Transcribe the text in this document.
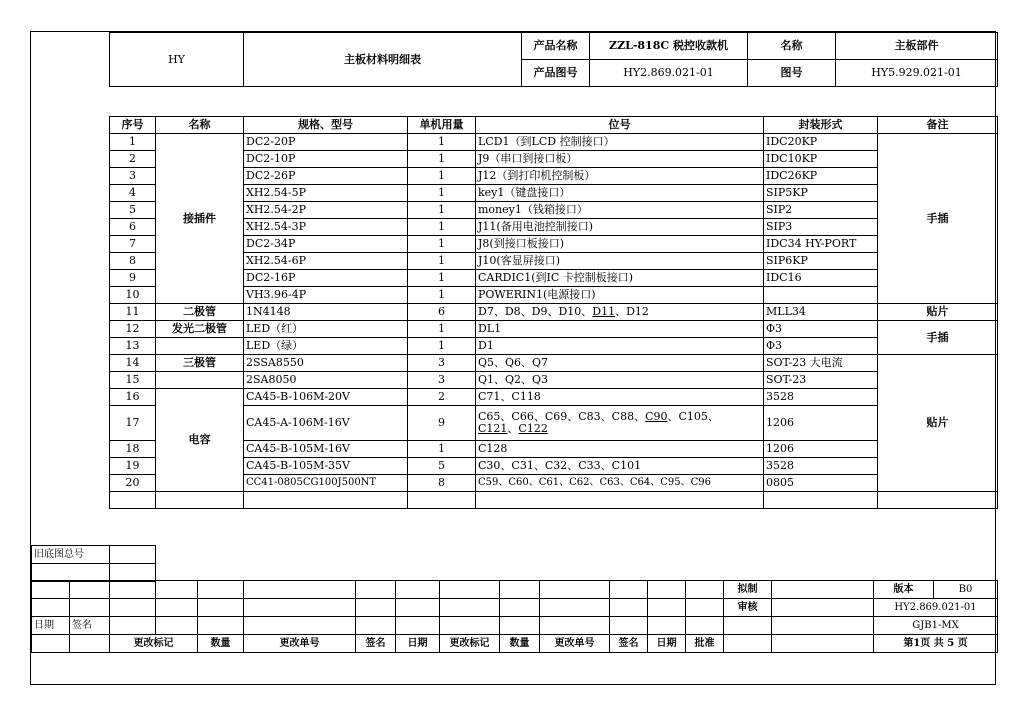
HY	主板材料明细表	产品名称	ZZL-818C 税控收款机	名称	主板部件
		产品图号	HY2.869.021-01	图号	HY5.929.021-01
序号	名称	规格、型号	单机用量	位号	封装形式	备注
1	接插件	DC2-20P	1	LCD1（到LCD 控制接口）	IDC20KP	手插
2		DC2-10P	1	J9（串口到接口板）	IDC10KP	
3		DC2-26P	1	J12（到打印机控制板）	IDC26KP	
4		XH2.54-5P	1	key1（键盘接口）	SIP5KP	
5		XH2.54-2P	1	money1（钱箱接口）	SIP2	
6		XH2.54-3P	1	J11(备用电池控制接口)	SIP3	
7		DC2-34P	1	J8(到接口板接口)	IDC34 HY-PORT	
8		XH2.54-6P	1	J10(客显屏接口)	SIP6KP	
9		DC2-16P	1	CARDIC1(到IC 卡控制板接口)	IDC16	
10		VH3.96-4P	1	POWERIN1(电源接口)		
11	二极管	1N4148	6	D7、D8、D9、D10、D11、D12	MLL34	贴片
12	发光二极管	LED（红）	1	DL1	Φ3	手插
13		LED（绿）	1	D1	Φ3	
14	三极管	2SSA8550	3	Q5、Q6、Q7	SOT-23 大电流	贴片
15		2SA8050	3	Q1、Q2、Q3	SOT-23	
16	电容	CA45-B-106M-20V	2	C71、C118	3528	
17		CA45-A-106M-16V	9	C65、C66、C69、C83、C88、C90、C105、
C121、C122	1206	
18		CA45-B-105M-16V	1	C128	1206	
19		CA45-B-105M-35V	5	C30、C31、C32、C33、C101	3528	
20		CC41-0805CG100J500NT	8	C59、C60、C61、C62、C63、C64、C95、C96	0805	

旧底图总号	

														拟制		版本	B0
														审核		HY2.869.021-01	
日期	签名															GJB1-MX	
		更改标记		数量	更改单号	签名	日期	更改标记	数量	更改单号	签名	日期	批准			第1页 共 5 页	
